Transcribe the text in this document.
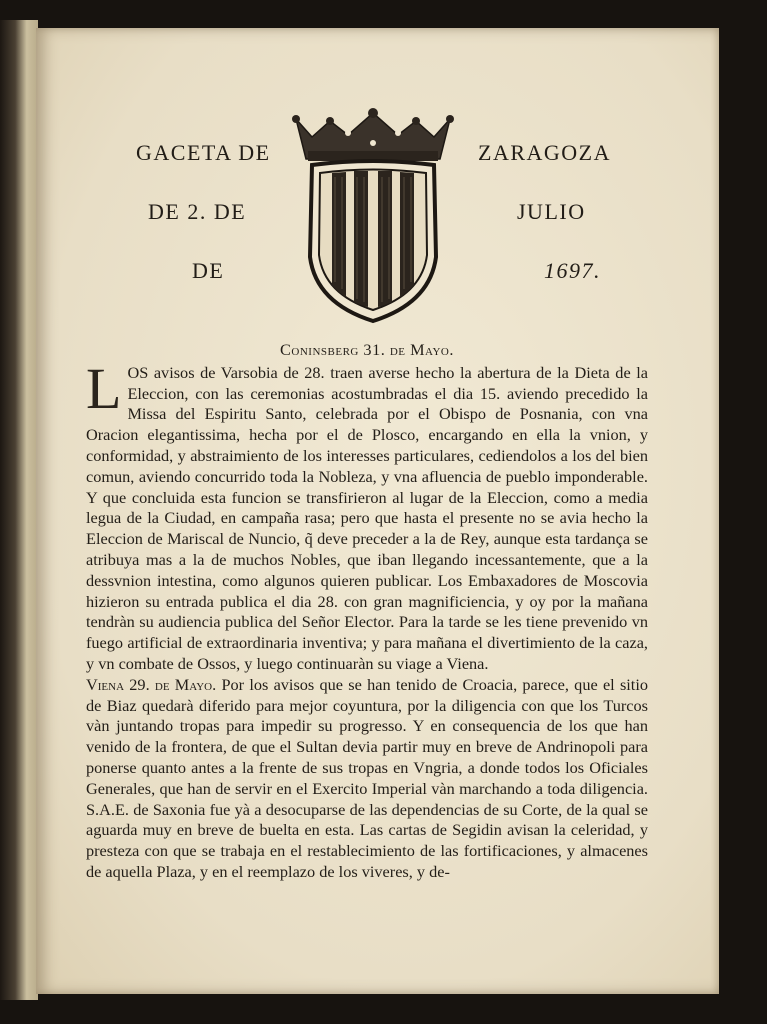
GACETA DE	ZARAGOZA
DE 2. DE	JULIO
DE	1697.

Coninsberg 31. de Mayo.

LOS avisos de Varsobia de 28. traen averse hecho la abertura de la Dieta de la Eleccion, con las ceremonias acostumbradas el dia 15. aviendo precedido la Missa del Espiritu Santo, celebrada por el Obispo de Posnania, con vna Oracion elegantissima, hecha por el de Plosco, encargando en ella la vnion, y conformidad, y abstraimiento de los interesses particulares, cediendolos a los del bien comun, aviendo concurrido toda la Nobleza, y vna afluencia de pueblo imponderable. Y que concluida esta funcion se transfirieron al lugar de la Eleccion, como a media legua de la Ciudad, en campaña rasa; pero que hasta el presente no se avia hecho la Eleccion de Mariscal de Nuncio, q̃ deve preceder a la de Rey, aunque esta tardança se atribuya mas a la de muchos Nobles, que iban llegando incessantemente, que a la dessvnion intestina, como algunos quieren publicar. Los Embaxadores de Moscovia hizieron su entrada publica el dia 28. con gran magnificiencia, y oy por la mañana tendràn su audiencia publica del Señor Elector. Para la tarde se les tiene prevenido vn fuego artificial de extraordinaria inventiva; y para mañana el divertimiento de la caza, y vn combate de Ossos, y luego continuaràn su viage a Viena.

Viena 29. de Mayo. Por los avisos que se han tenido de Croacia, parece, que el sitio de Biaz quedarà diferido para mejor coyuntura, por la diligencia con que los Turcos vàn juntando tropas para impedir su progresso. Y en consequencia de los que han venido de la frontera, de que el Sultan devia partir muy en breve de Andrinopoli para ponerse quanto antes a la frente de sus tropas en Vngria, a donde todos los Oficiales Generales, que han de servir en el Exercito Imperial vàn marchando a toda diligencia. S.A.E. de Saxonia fue yà a desocuparse de las dependencias de su Corte, de la qual se aguarda muy en breve de buelta en esta. Las cartas de Segidin avisan la celeridad, y presteza con que se trabaja en el restablecimiento de las fortificaciones, y almacenes de aquella Plaza, y en el reemplazo de los viveres, y de-
